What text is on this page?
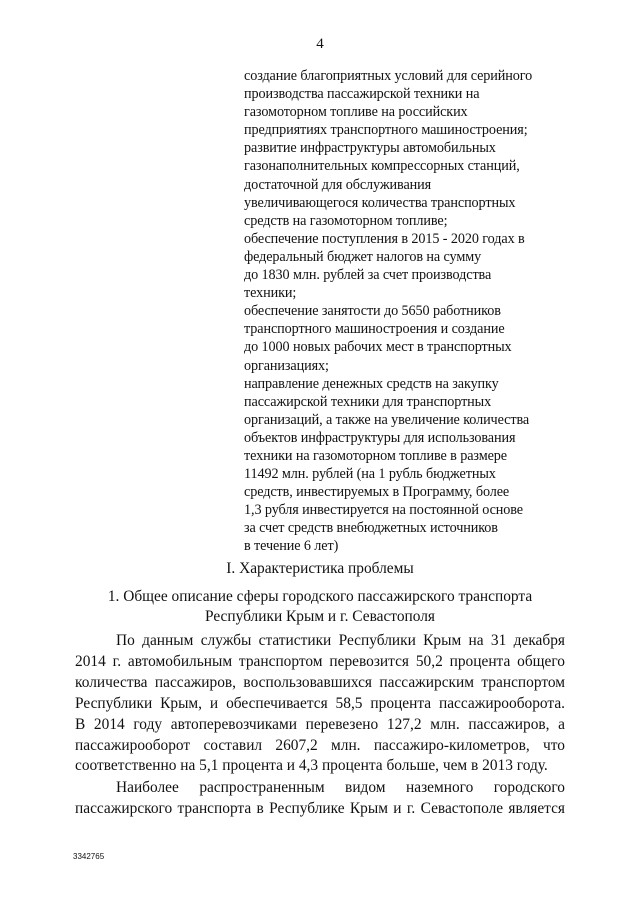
4
создание благоприятных условий для серийного
производства пассажирской техники на
газомоторном топливе на российских
предприятиях транспортного машиностроения;
развитие инфраструктуры автомобильных
газонаполнительных компрессорных станций,
достаточной для обслуживания
увеличивающегося количества транспортных
средств на газомоторном топливе;
обеспечение поступления в 2015 - 2020 годах в
федеральный бюджет налогов на сумму
до 1830 млн. рублей за счет производства
техники;
обеспечение занятости до 5650 работников
транспортного машиностроения и создание
до 1000 новых рабочих мест в транспортных
организациях;
направление денежных средств на закупку
пассажирской техники для транспортных
организаций, а также на увеличение количества
объектов инфраструктуры для использования
техники на газомоторном топливе в размере
11492 млн. рублей (на 1 рубль бюджетных
средств, инвестируемых в Программу, более
1,3 рубля инвестируется на постоянной основе
за счет средств внебюджетных источников
в течение 6 лет)
I. Характеристика проблемы
1. Общее описание сферы городского пассажирского транспорта
Республики Крым и г. Севастополя
По данным службы статистики Республики Крым на 31 декабря
2014 г. автомобильным транспортом перевозится 50,2 процента общего
количества пассажиров, воспользовавшихся пассажирским транспортом
Республики Крым, и обеспечивается 58,5 процента пассажирооборота.
В 2014 году автоперевозчиками перевезено 127,2 млн. пассажиров, а
пассажирооборот составил 2607,2 млн. пассажиро-километров, что
соответственно на 5,1 процента и 4,3 процента больше, чем в 2013 году.
Наиболее распространенным видом наземного городского
пассажирского транспорта в Республике Крым и г. Севастополе является
3342765
